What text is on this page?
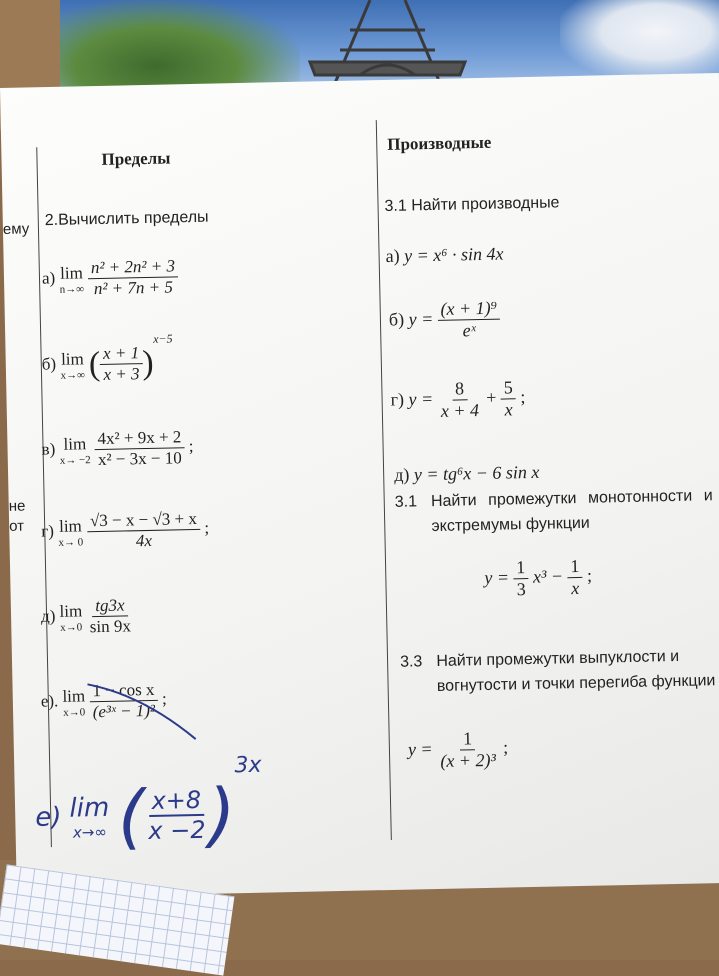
ему
не
от
Пределы
2.Вычислить пределы
а) lim
n→∞
$\frac{\text{n² + 2n² + 3}}{\text{n² + 7n + 5}}$
б) lim
x→∞ ( $\frac{x + 1}{x + 3} )^{x-5}$
в) lim
x→ −2
$\frac{\text{4x² + 9x + 2}}{\text{x² − 3x − 10}}$ ;
г) lim
x→ 0
$\frac{√3 - x - √3 + x}{4x}$ ;
д) lim
x→0
$\frac{tg3x}{\sin 9x}$
е). lim
x→0
$\frac{\text{1 − cos x}}{\text{(e³ˣ − 1)²}}$ ;
е) lim
x→∞ (
$\frac{x+8}{x -2}$
)$^{3x}$
Производные
3.1 Найти производные
а) y = x⁶ · sin 4x
б) $y = \frac{\text{(x + 1)⁹}}{\text{eˣ}}$
г) $y = \frac{8}{x + 4} + \frac{5}{x}$ ;
д) y = tg⁶x − 6 sin x
3.1 Найти промежутки монотонности и экстремумы функции
$y = \frac{1}{3} x^3 - \frac{1}{x}$ ;
3.3 Найти промежутки выпуклости и вогнутости и точки перегиба функции
$y = \frac{1}{\text{(x + 2)³}}$ ;
